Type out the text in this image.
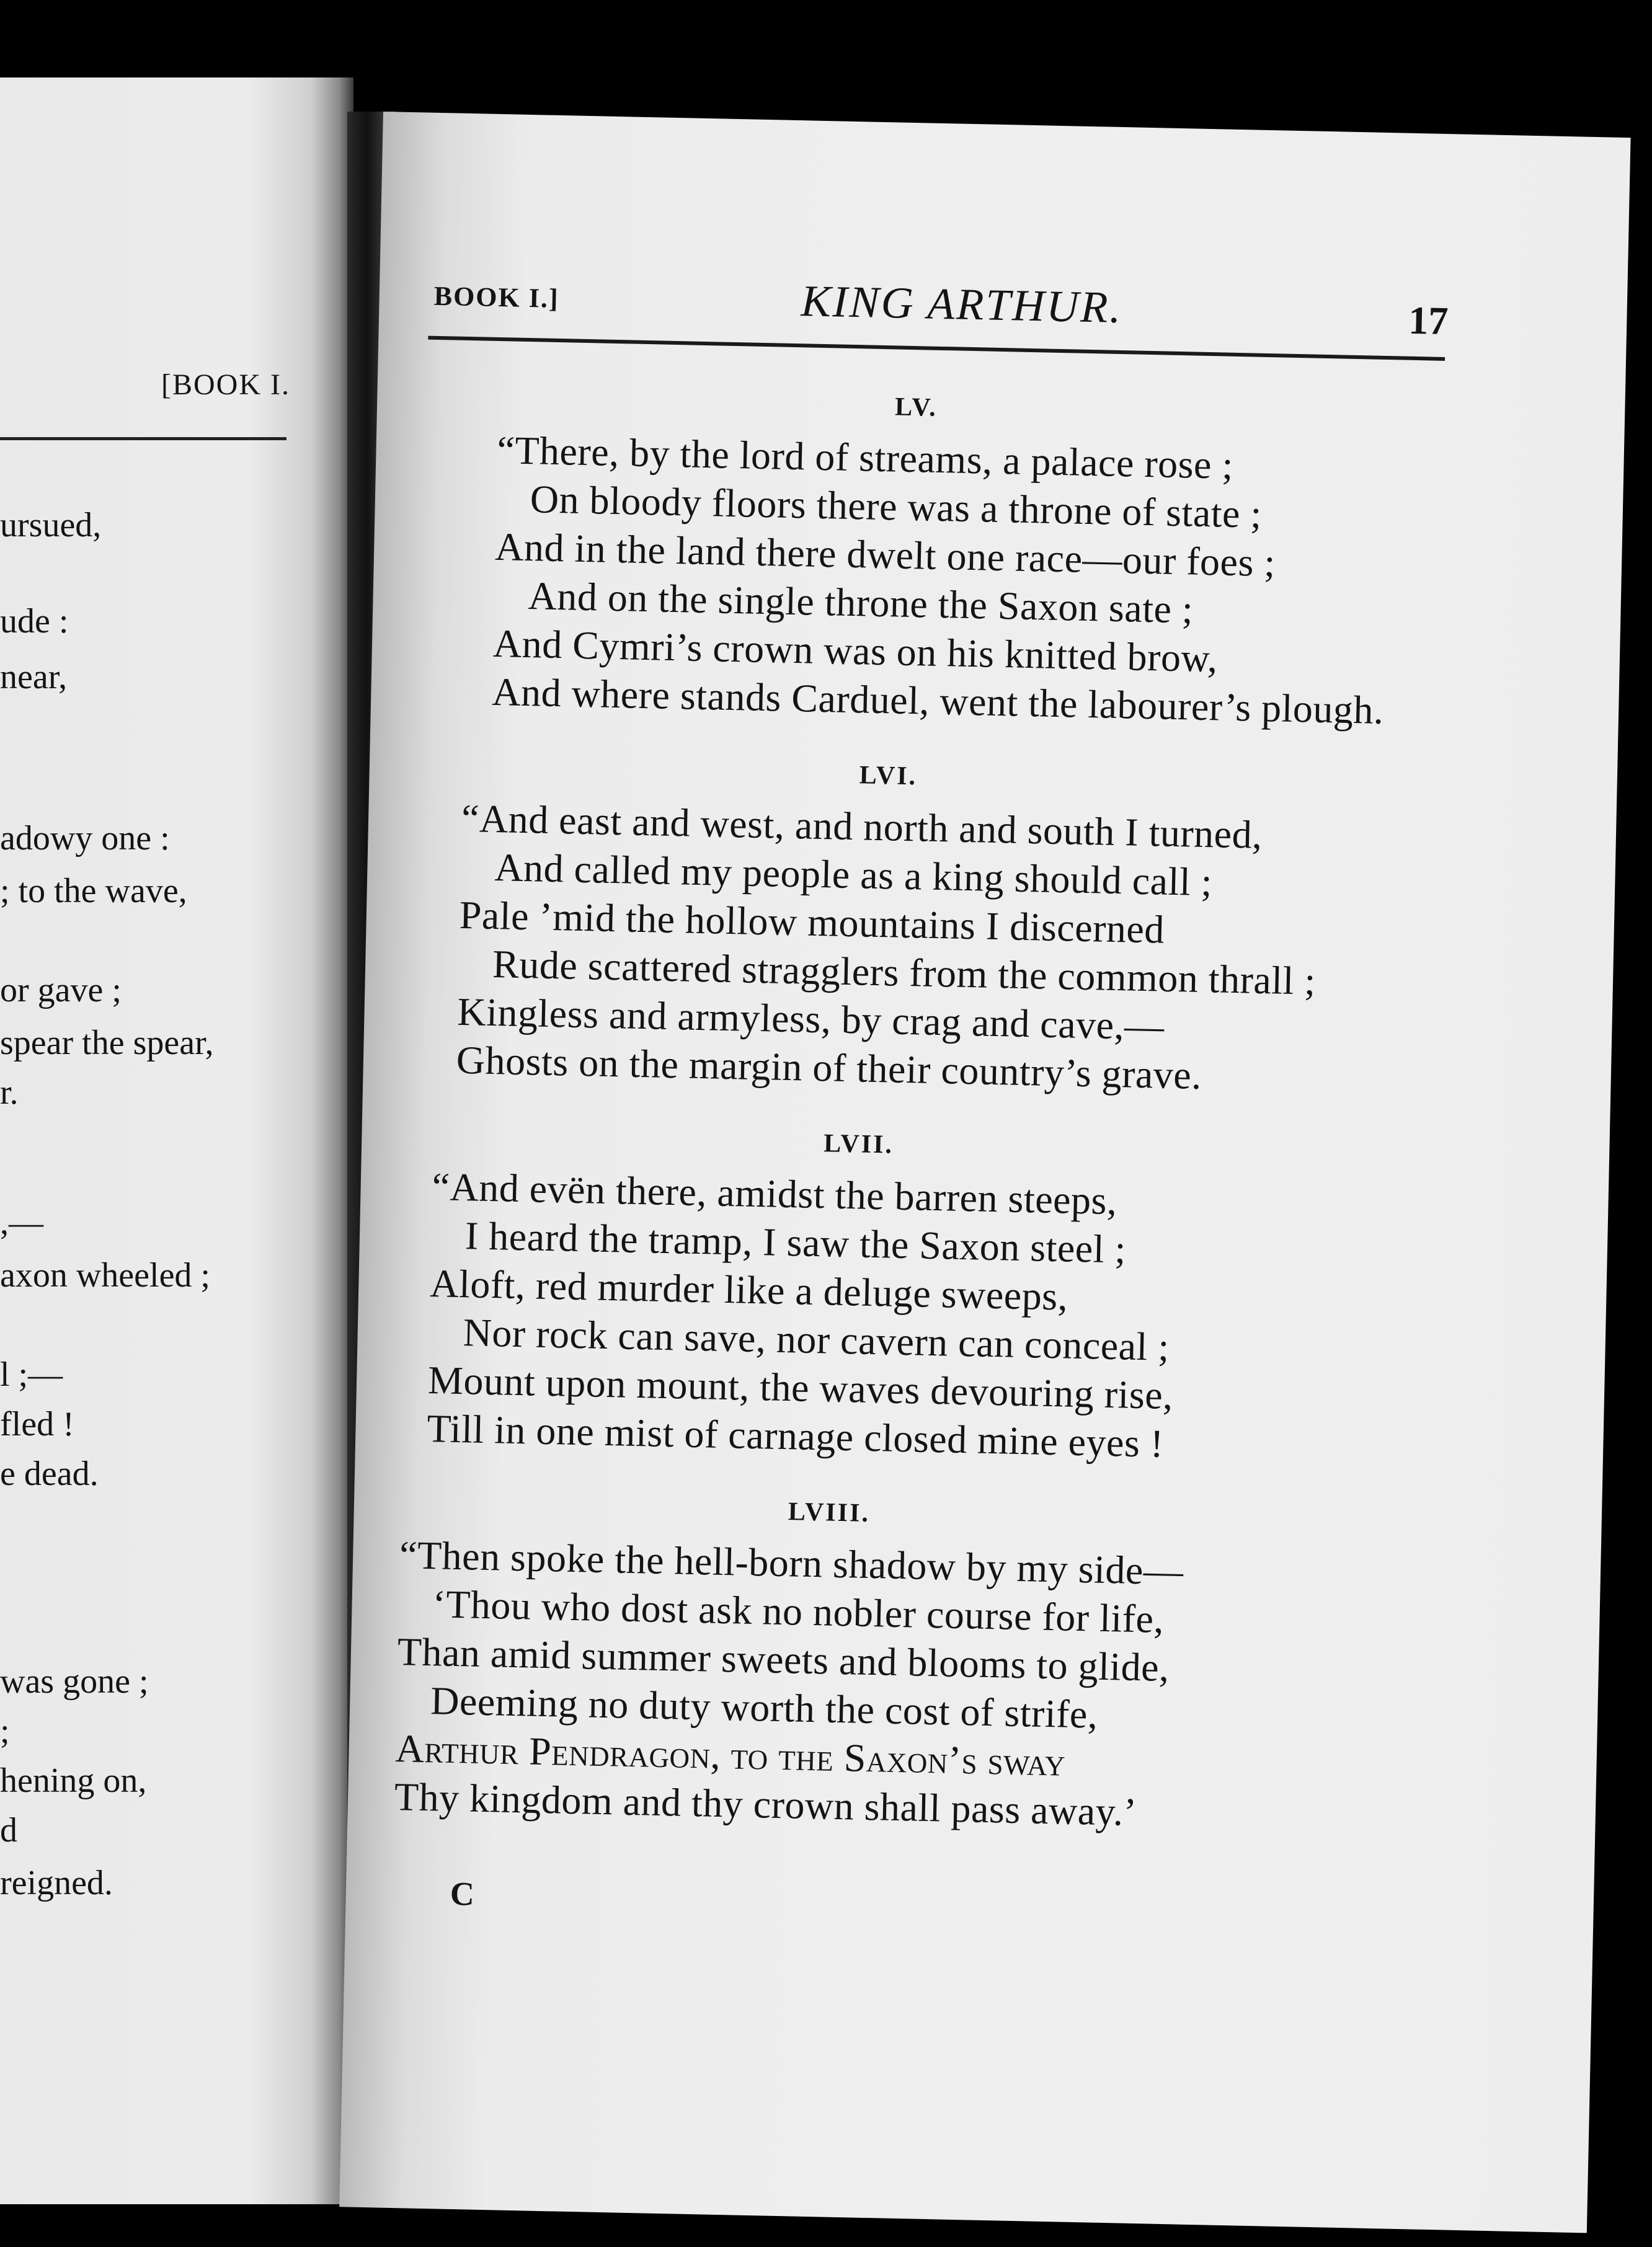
[BOOK I.
ursued,
ude :
near,
adowy one :
; to the wave,
or gave ;
spear the spear,
r.
,—
axon wheeled ;
l ;—
fled !
e dead.
was gone ;
;
hening on,
d
reigned.
BOOK I.]	KING ARTHUR.	17
LV.
“There, by the lord of streams, a palace rose ;
On bloody floors there was a throne of state ;
And in the land there dwelt one race—our foes ;
And on the single throne the Saxon sate ;
And Cymri’s crown was on his knitted brow,
And where stands Carduel, went the labourer’s plough.
LVI.
“And east and west, and north and south I turned,
And called my people as a king should call ;
Pale ’mid the hollow mountains I discerned
Rude scattered stragglers from the common thrall ;
Kingless and armyless, by crag and cave,—
Ghosts on the margin of their country’s grave.
LVII.
“And evën there, amidst the barren steeps,
I heard the tramp, I saw the Saxon steel ;
Aloft, red murder like a deluge sweeps,
Nor rock can save, nor cavern can conceal ;
Mount upon mount, the waves devouring rise,
Till in one mist of carnage closed mine eyes !
LVIII.
“Then spoke the hell-born shadow by my side—
‘Thou who dost ask no nobler course for life,
Than amid summer sweets and blooms to glide,
Deeming no duty worth the cost of strife,
Arthur Pendragon, to the Saxon’s sway
Thy kingdom and thy crown shall pass away.’
C
